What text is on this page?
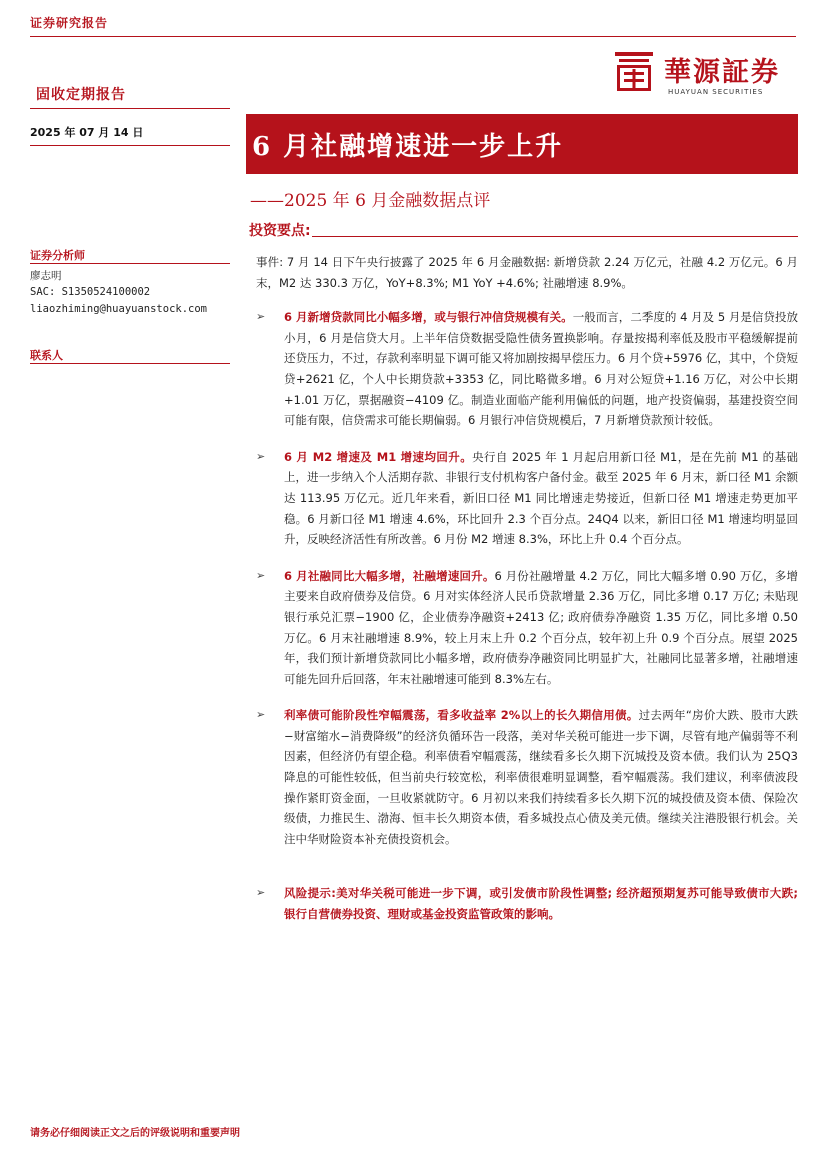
证券研究报告
固收定期报告
2025 年 07 月 14 日
華源証券
HUAYUAN SECURITIES
6 月社融增速进一步上升
——2025 年 6 月金融数据点评
投资要点:
证券分析师
廖志明
SAC: S1350524100002
liaozhiming@huayuanstock.com
联系人

事件: 7 月 14 日下午央行披露了 2025 年 6 月金融数据: 新增贷款 2.24 万亿元，社融 4.2 万亿元。6 月末，M2 达 330.3 万亿，YoY+8.3%; M1 YoY +4.6%; 社融增速 8.9%。

➢ 6 月新增贷款同比小幅多增，或与银行冲信贷规模有关。一般而言，二季度的 4 月及 5 月是信贷投放小月，6 月是信贷大月。上半年信贷数据受隐性债务置换影响。存量按揭利率低及股市平稳缓解提前还贷压力，不过，存款利率明显下调可能又将加剧按揭早偿压力。6 月个贷+5976 亿，其中，个贷短贷+2621 亿，个人中长期贷款+3353 亿，同比略微多增。6 月对公短贷+1.16 万亿，对公中长期+1.01 万亿，票据融资−4109 亿。制造业面临产能利用偏低的问题，地产投资偏弱，基建投资空间可能有限，信贷需求可能长期偏弱。6 月银行冲信贷规模后，7 月新增贷款预计较低。
➢ 6 月 M2 增速及 M1 增速均回升。央行自 2025 年 1 月起启用新口径 M1，是在先前 M1 的基础上，进一步纳入个人活期存款、非银行支付机构客户备付金。截至 2025 年 6 月末，新口径 M1 余额达 113.95 万亿元。近几年来看，新旧口径 M1 同比增速走势接近，但新口径 M1 增速走势更加平稳。6 月新口径 M1 增速 4.6%，环比回升 2.3 个百分点。24Q4 以来，新旧口径 M1 增速均明显回升，反映经济活性有所改善。6 月份 M2 增速 8.3%，环比上升 0.4 个百分点。
➢ 6 月社融同比大幅多增，社融增速回升。6 月份社融增量 4.2 万亿，同比大幅多增 0.90 万亿，多增主要来自政府债券及信贷。6 月对实体经济人民币贷款增量 2.36 万亿，同比多增 0.17 万亿; 未贴现银行承兑汇票−1900 亿，企业债券净融资+2413 亿; 政府债券净融资 1.35 万亿，同比多增 0.50 万亿。6 月末社融增速 8.9%，较上月末上升 0.2 个百分点，较年初上升 0.9 个百分点。展望 2025 年，我们预计新增贷款同比小幅多增，政府债券净融资同比明显扩大，社融同比显著多增，社融增速可能先回升后回落，年末社融增速可能到 8.3%左右。
➢ 利率债可能阶段性窄幅震荡，看多收益率 2%以上的长久期信用债。过去两年“房价大跌、股市大跌−财富缩水−消费降级”的经济负循环告一段落，美对华关税可能进一步下调，尽管有地产偏弱等不利因素，但经济仍有望企稳。利率债看窄幅震荡，继续看多长久期下沉城投及资本债。我们认为 25Q3 降息的可能性较低，但当前央行较宽松，利率债很难明显调整，看窄幅震荡。我们建议，利率债波段操作紧盯资金面，一旦收紧就防守。6 月初以来我们持续看多长久期下沉的城投债及资本债、保险次级债，力推民生、渤海、恒丰长久期资本债，看多城投点心债及美元债。继续关注港股银行机会。关注中华财险资本补充债投资机会。
➢ 风险提示:美对华关税可能进一步下调，或引发债市阶段性调整; 经济超预期复苏可能导致债市大跌; 银行自营债券投资、理财或基金投资监管政策的影响。
请务必仔细阅读正文之后的评级说明和重要声明
